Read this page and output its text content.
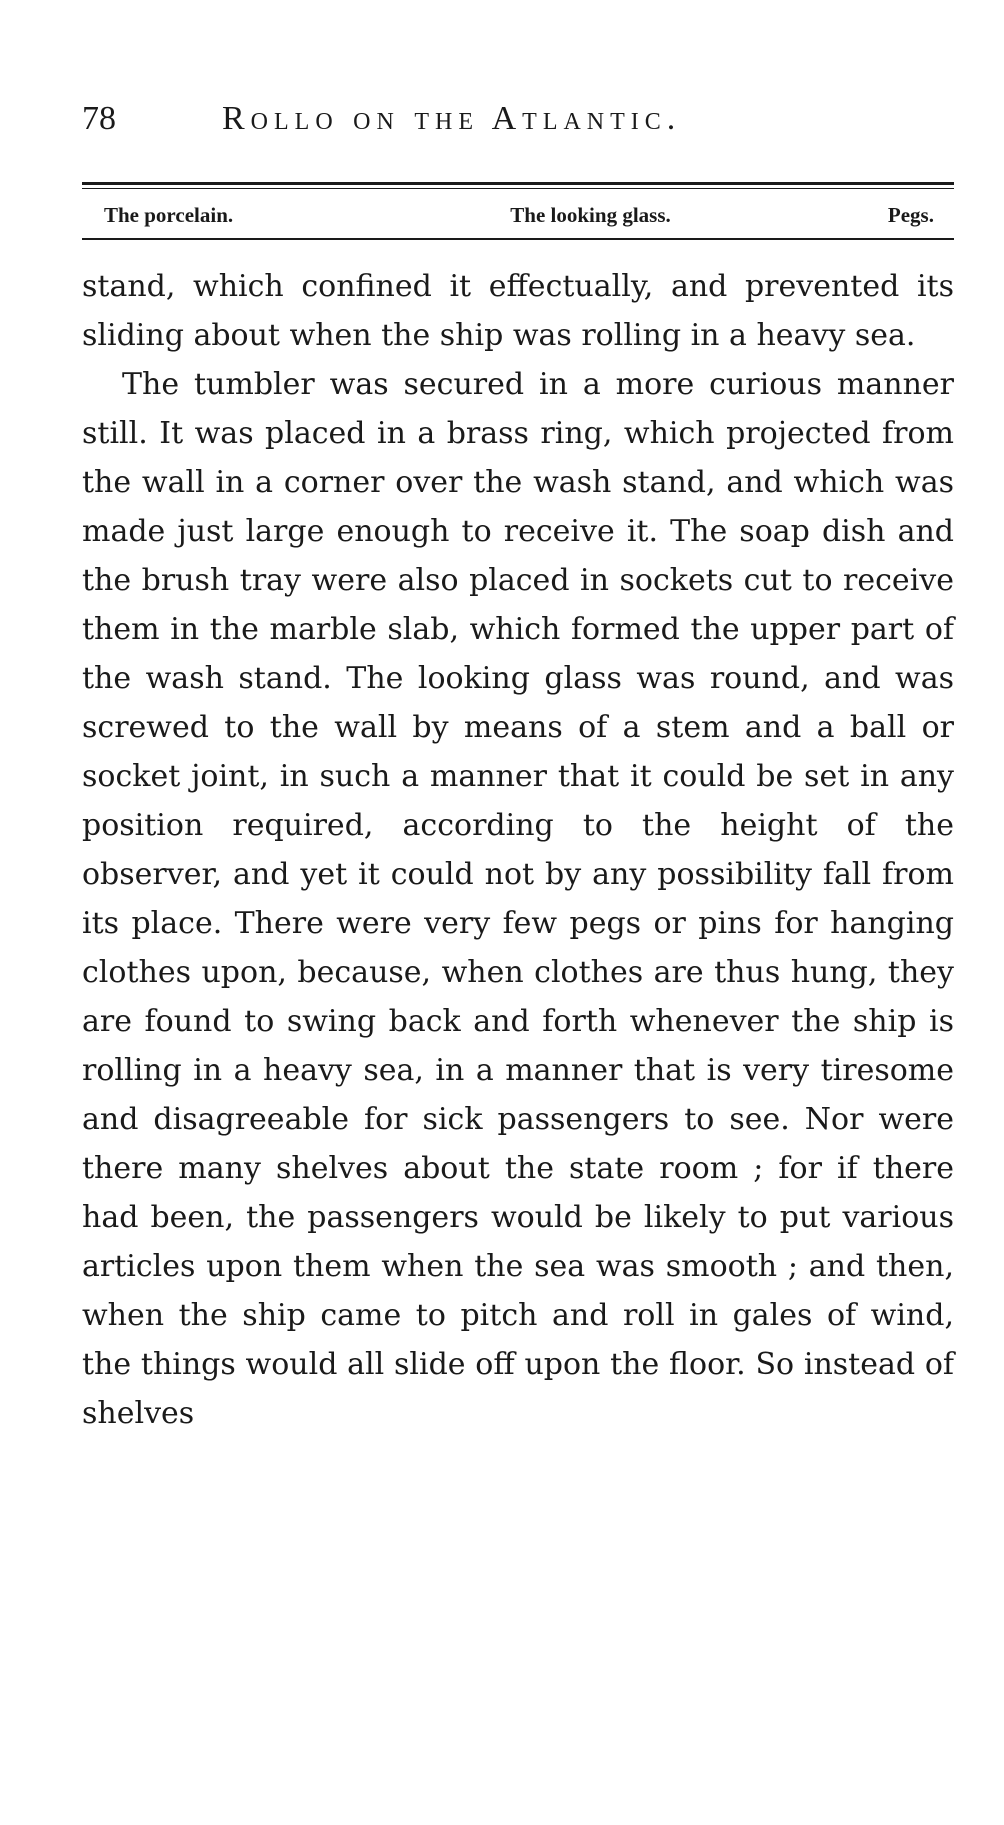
78	Rollo on the Atlantic.
The porcelain.	The looking glass.	Pegs.

stand, which confined it effectually, and prevented its sliding about when the ship was rolling in a heavy sea.

The tumbler was secured in a more curious manner still. It was placed in a brass ring, which projected from the wall in a corner over the wash stand, and which was made just large enough to receive it. The soap dish and the brush tray were also placed in sockets cut to receive them in the marble slab, which formed the upper part of the wash stand. The looking glass was round, and was screwed to the wall by means of a stem and a ball or socket joint, in such a manner that it could be set in any position required, according to the height of the observer, and yet it could not by any possibility fall from its place. There were very few pegs or pins for hanging clothes upon, because, when clothes are thus hung, they are found to swing back and forth whenever the ship is rolling in a heavy sea, in a manner that is very tiresome and disagreeable for sick passengers to see. Nor were there many shelves about the state room ; for if there had been, the passengers would be likely to put various articles upon them when the sea was smooth ; and then, when the ship came to pitch and roll in gales of wind, the things would all slide off upon the floor. So instead of shelves
